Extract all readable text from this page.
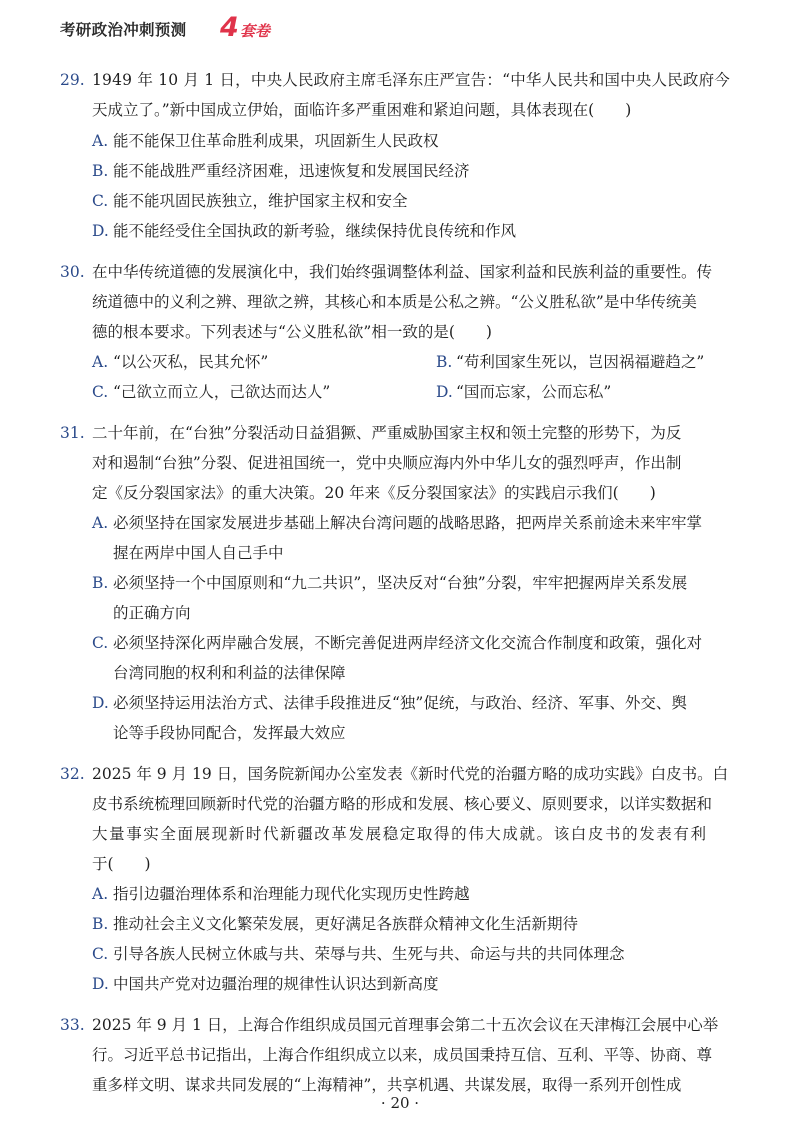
考研政治冲刺预测 4 套卷
29. 1949 年 10 月 1 日，中央人民政府主席毛泽东庄严宣告：“中华人民共和国中央人民政府今
天成立了。”新中国成立伊始，面临许多严重困难和紧迫问题，具体表现在(　　)
A. 能不能保卫住革命胜利成果，巩固新生人民政权
B. 能不能战胜严重经济困难，迅速恢复和发展国民经济
C. 能不能巩固民族独立，维护国家主权和安全
D. 能不能经受住全国执政的新考验，继续保持优良传统和作风
30. 在中华传统道德的发展演化中，我们始终强调整体利益、国家利益和民族利益的重要性。传
统道德中的义利之辨、理欲之辨，其核心和本质是公私之辨。“公义胜私欲”是中华传统美
德的根本要求。下列表述与“公义胜私欲”相一致的是(　　)
A. “以公灭私，民其允怀”	B. “苟利国家生死以，岂因祸福避趋之”
C. “己欲立而立人，己欲达而达人”	D. “国而忘家，公而忘私”
31. 二十年前，在“台独”分裂活动日益猖獗、严重威胁国家主权和领土完整的形势下，为反
对和遏制“台独”分裂、促进祖国统一，党中央顺应海内外中华儿女的强烈呼声，作出制
定《反分裂国家法》的重大决策。20 年来《反分裂国家法》的实践启示我们(　　)
A. 必须坚持在国家发展进步基础上解决台湾问题的战略思路，把两岸关系前途未来牢牢掌
握在两岸中国人自己手中
B. 必须坚持一个中国原则和“九二共识”，坚决反对“台独”分裂，牢牢把握两岸关系发展
的正确方向
C. 必须坚持深化两岸融合发展，不断完善促进两岸经济文化交流合作制度和政策，强化对
台湾同胞的权利和利益的法律保障
D. 必须坚持运用法治方式、法律手段推进反“独”促统，与政治、经济、军事、外交、舆
论等手段协同配合，发挥最大效应
32. 2025 年 9 月 19 日，国务院新闻办公室发表《新时代党的治疆方略的成功实践》白皮书。白
皮书系统梳理回顾新时代党的治疆方略的形成和发展、核心要义、原则要求，以详实数据和
大量事实全面展现新时代新疆改革发展稳定取得的伟大成就。该白皮书的发表有利
于(　　)
A. 指引边疆治理体系和治理能力现代化实现历史性跨越
B. 推动社会主义文化繁荣发展，更好满足各族群众精神文化生活新期待
C. 引导各族人民树立休戚与共、荣辱与共、生死与共、命运与共的共同体理念
D. 中国共产党对边疆治理的规律性认识达到新高度
33. 2025 年 9 月 1 日，上海合作组织成员国元首理事会第二十五次会议在天津梅江会展中心举
行。习近平总书记指出，上海合作组织成立以来，成员国秉持互信、互利、平等、协商、尊
重多样文明、谋求共同发展的“上海精神”，共享机遇、共谋发展，取得一系列开创性成
· 20 ·
